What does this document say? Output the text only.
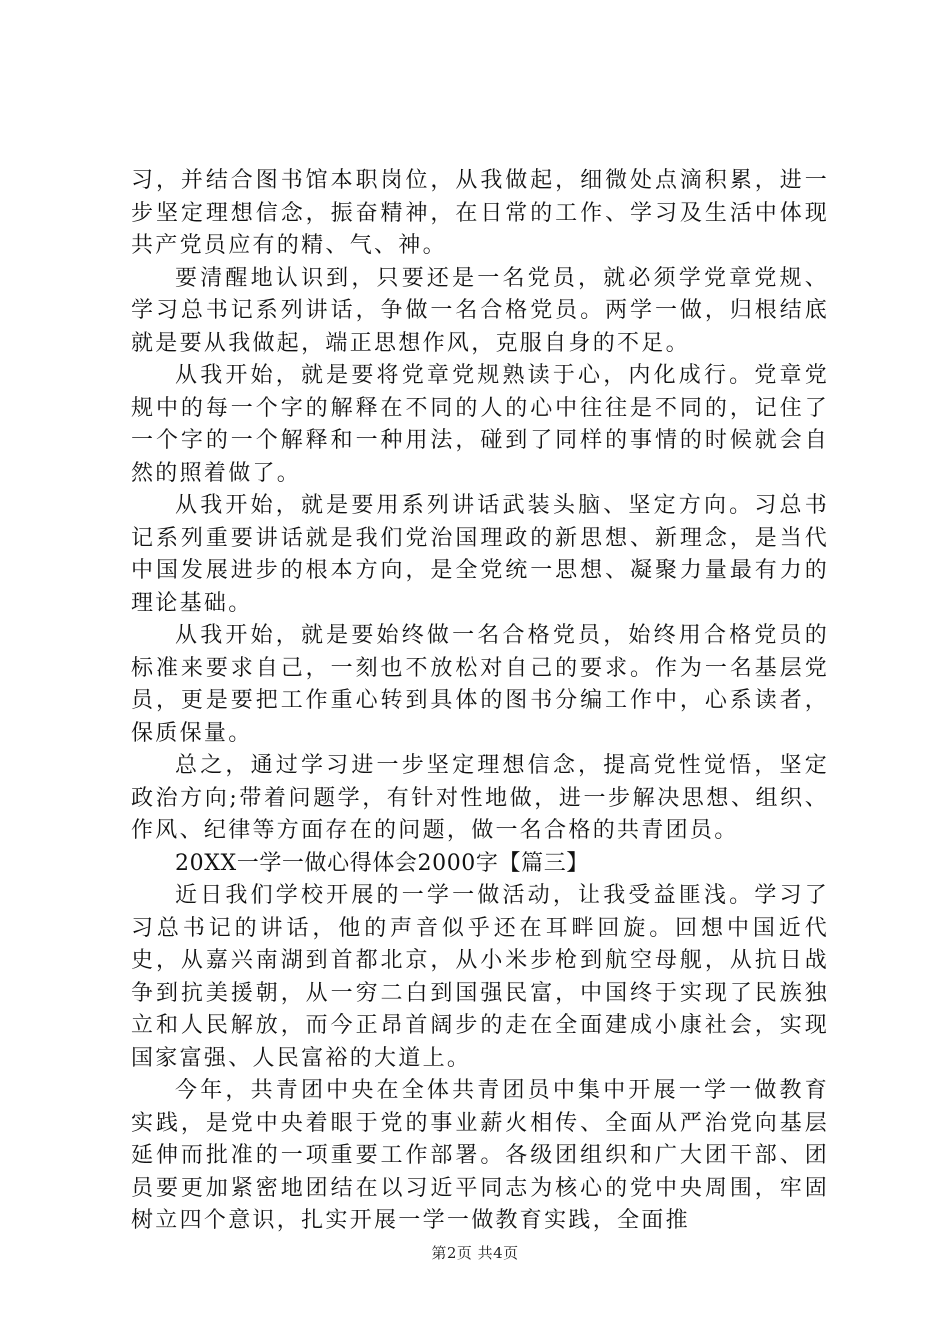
习，并结合图书馆本职岗位，从我做起，细微处点滴积累，进一步坚定理想信念，振奋精神，在日常的工作、学习及生活中体现共产党员应有的精、气、神。

要清醒地认识到，只要还是一名党员，就必须学党章党规、学习总书记系列讲话，争做一名合格党员。两学一做，归根结底就是要从我做起，端正思想作风，克服自身的不足。

从我开始，就是要将党章党规熟读于心，内化成行。党章党规中的每一个字的解释在不同的人的心中往往是不同的，记住了一个字的一个解释和一种用法，碰到了同样的事情的时候就会自然的照着做了。

从我开始，就是要用系列讲话武装头脑、坚定方向。习总书记系列重要讲话就是我们党治国理政的新思想、新理念，是当代中国发展进步的根本方向，是全党统一思想、凝聚力量最有力的理论基础。

从我开始，就是要始终做一名合格党员，始终用合格党员的标准来要求自己，一刻也不放松对自己的要求。作为一名基层党员，更是要把工作重心转到具体的图书分编工作中，心系读者，保质保量。

总之，通过学习进一步坚定理想信念，提高党性觉悟，坚定政治方向;带着问题学，有针对性地做，进一步解决思想、组织、作风、纪律等方面存在的问题，做一名合格的共青团员。

20XX一学一做心得体会2000字【篇三】

近日我们学校开展的一学一做活动，让我受益匪浅。学习了习总书记的讲话，他的声音似乎还在耳畔回旋。回想中国近代史，从嘉兴南湖到首都北京，从小米步枪到航空母舰，从抗日战争到抗美援朝，从一穷二白到国强民富，中国终于实现了民族独立和人民解放，而今正昂首阔步的走在全面建成小康社会，实现国家富强、人民富裕的大道上。

今年，共青团中央在全体共青团员中集中开展一学一做教育实践，是党中央着眼于党的事业薪火相传、全面从严治党向基层延伸而批准的一项重要工作部署。各级团组织和广大团干部、团员要更加紧密地团结在以习近平同志为核心的党中央周围，牢固树立四个意识，扎实开展一学一做教育实践，全面推

第2页 共4页
